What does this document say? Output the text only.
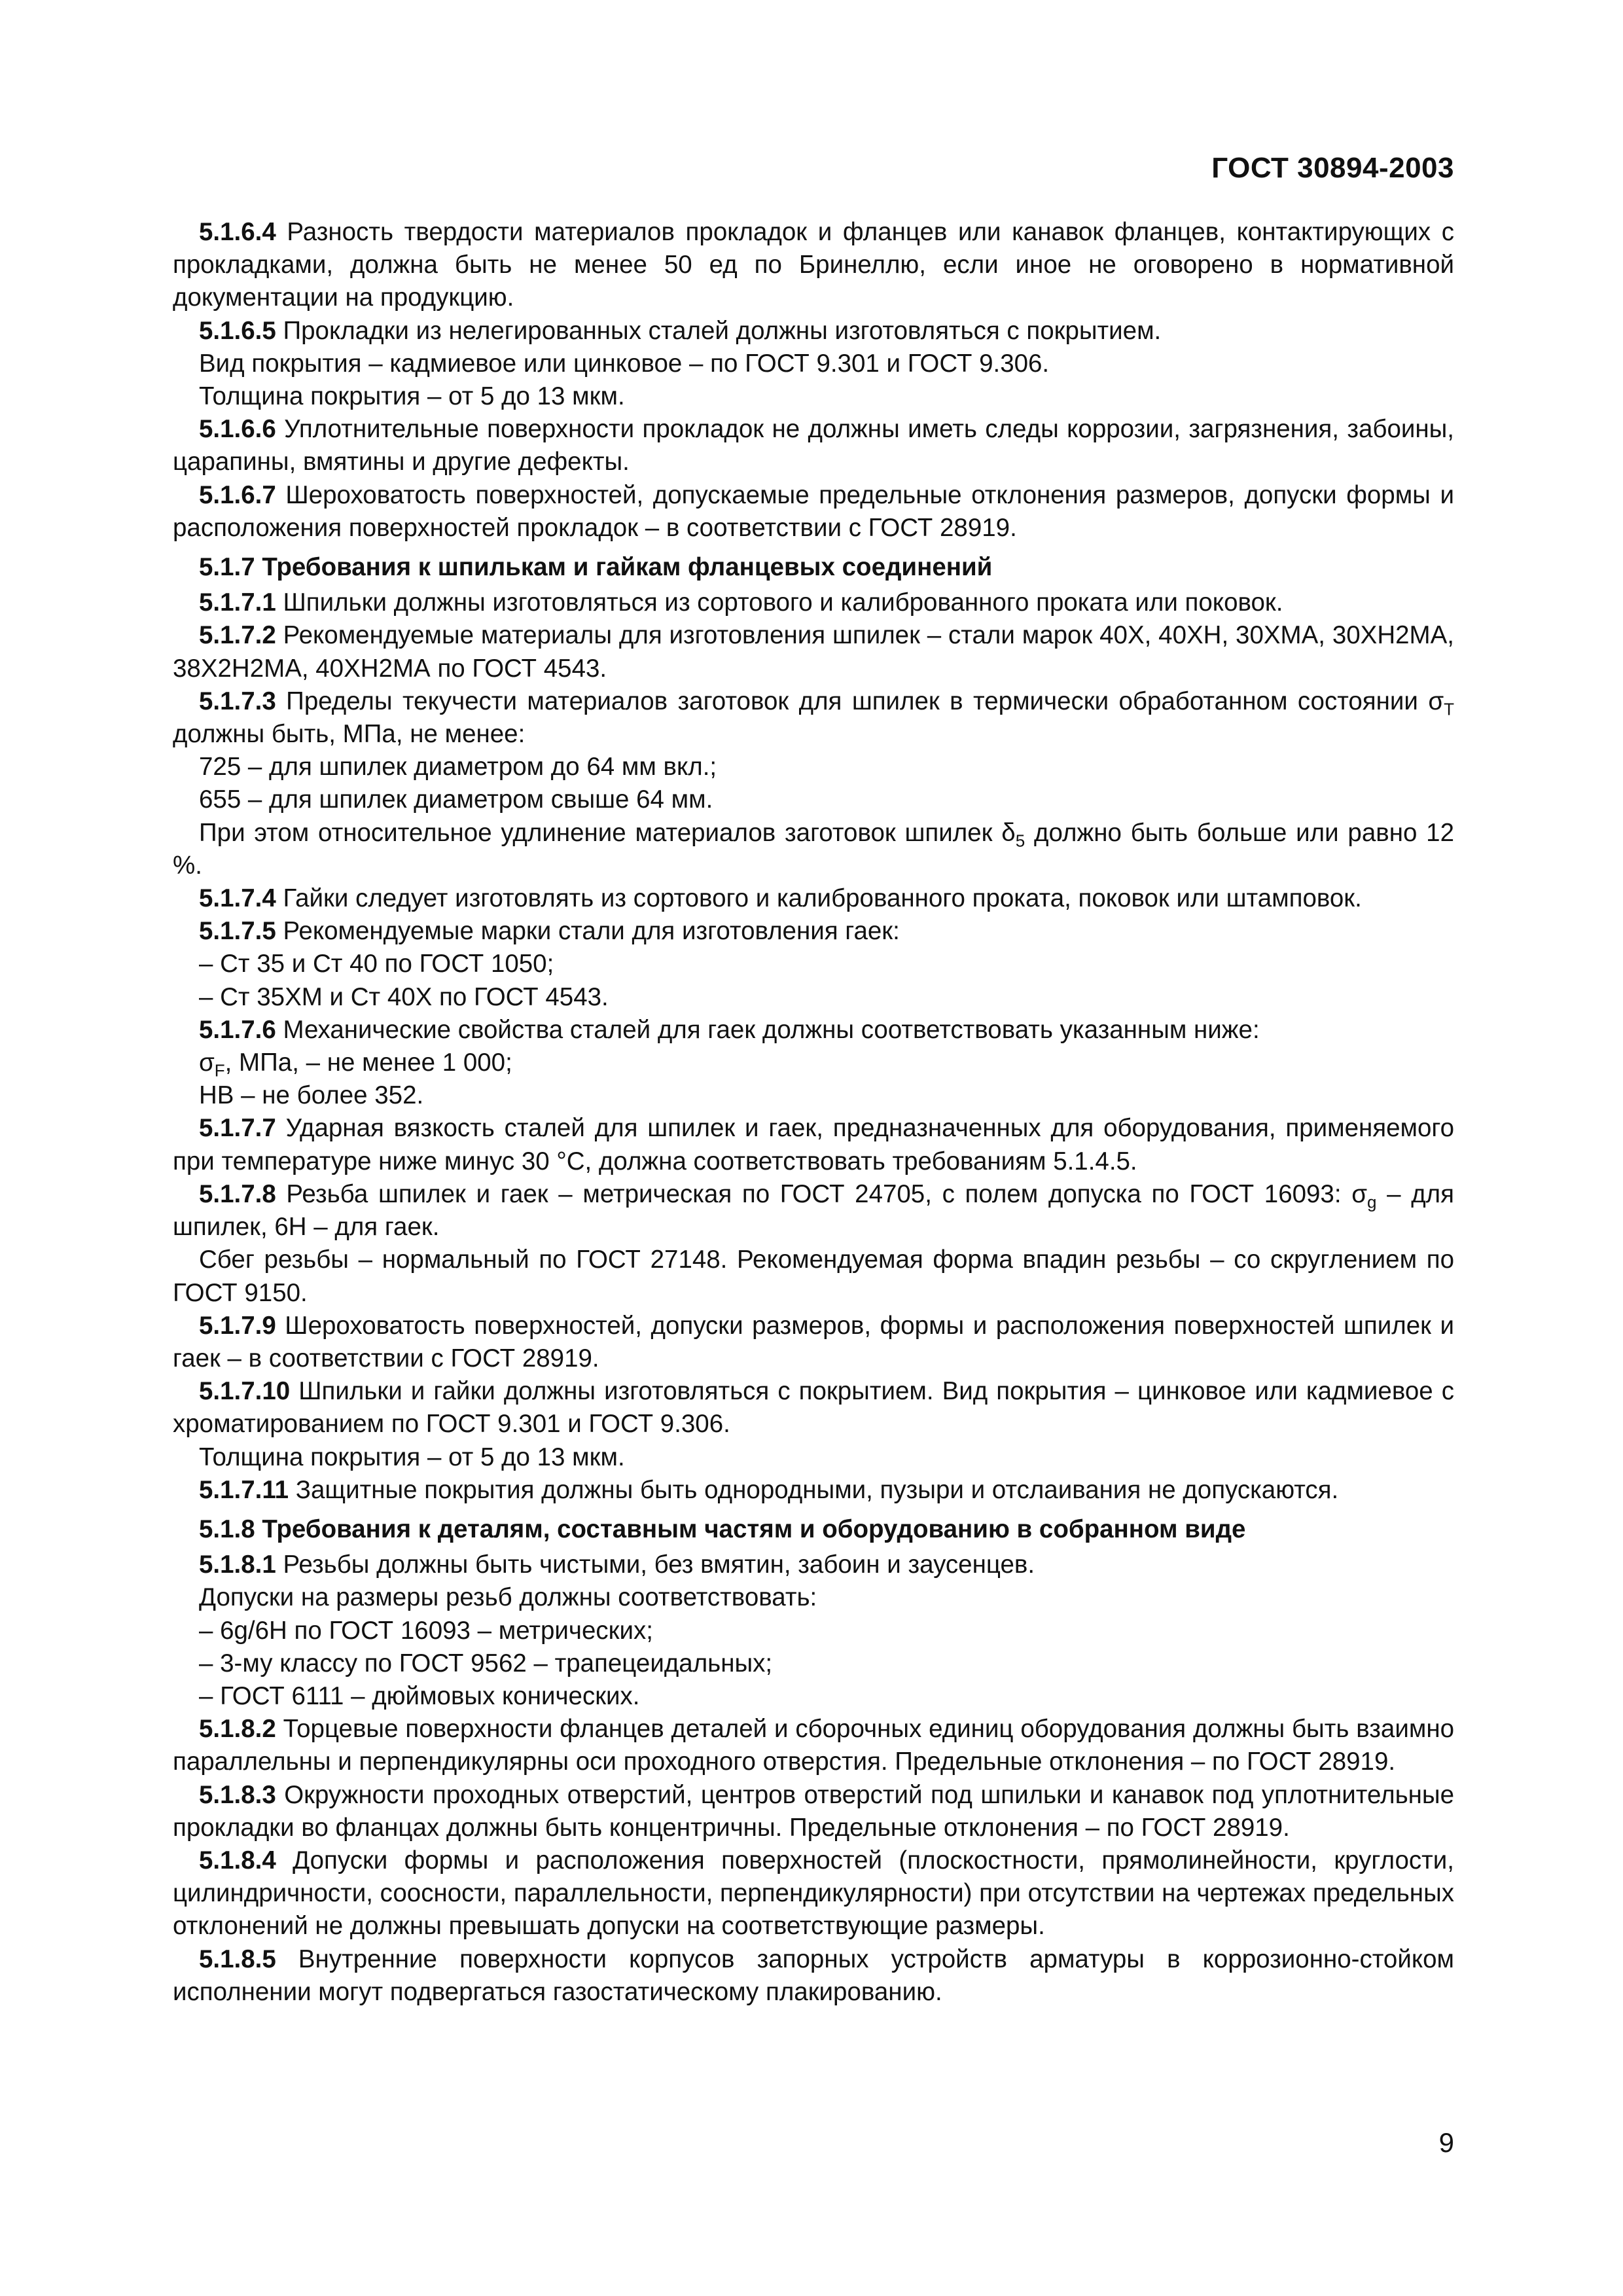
ГОСТ 30894-2003

5.1.6.4 Разность твердости материалов прокладок и фланцев или канавок фланцев, контактирующих с прокладками, должна быть не менее 50 ед по Бринеллю, если иное не оговорено в нормативной документации на продукцию.

5.1.6.5 Прокладки из нелегированных сталей должны изготовляться с покрытием.

Вид покрытия – кадмиевое или цинковое – по ГОСТ 9.301 и ГОСТ 9.306.

Толщина покрытия – от 5 до 13 мкм.

5.1.6.6 Уплотнительные поверхности прокладок не должны иметь следы коррозии, загрязнения, забоины, царапины, вмятины и другие дефекты.

5.1.6.7 Шероховатость поверхностей, допускаемые предельные отклонения размеров, допуски формы и расположения поверхностей прокладок – в соответствии с ГОСТ 28919.

5.1.7 Требования к шпилькам и гайкам фланцевых соединений

5.1.7.1 Шпильки должны изготовляться из сортового и калиброванного проката или поковок.

5.1.7.2 Рекомендуемые материалы для изготовления шпилек – стали марок 40Х, 40ХН, 30ХМА, 30ХН2МА, 38Х2Н2МА, 40ХН2МА по ГОСТ 4543.

5.1.7.3 Пределы текучести материалов заготовок для шпилек в термически обработанном состоянии $\sigma_T$ должны быть, МПа, не менее:

725 – для шпилек диаметром до 64 мм вкл.;

655 – для шпилек диаметром свыше 64 мм.

При этом относительное удлинение материалов заготовок шпилек $\delta_5$ должно быть больше или равно 12 %.

5.1.7.4 Гайки следует изготовлять из сортового и калиброванного проката, поковок или штамповок.

5.1.7.5 Рекомендуемые марки стали для изготовления гаек:

– Ст 35 и Ст 40 по ГОСТ 1050;

– Ст 35ХМ и Ст 40Х по ГОСТ 4543.

5.1.7.6 Механические свойства сталей для гаек должны соответствовать указанным ниже:

$\sigma_F$, МПа, – не менее 1 000;

НВ – не более 352.

5.1.7.7 Ударная вязкость сталей для шпилек и гаек, предназначенных для оборудования, применяемого при температуре ниже минус 30 °С, должна соответствовать требованиям 5.1.4.5.

5.1.7.8 Резьба шпилек и гаек – метрическая по ГОСТ 24705, с полем допуска по ГОСТ 16093: $\sigma_g$ – для шпилек, 6Н – для гаек.

Сбег резьбы – нормальный по ГОСТ 27148. Рекомендуемая форма впадин резьбы – со скруглением по ГОСТ 9150.

5.1.7.9 Шероховатость поверхностей, допуски размеров, формы и расположения поверхностей шпилек и гаек – в соответствии с ГОСТ 28919.

5.1.7.10 Шпильки и гайки должны изготовляться с покрытием. Вид покрытия – цинковое или кадмиевое с хроматированием по ГОСТ 9.301 и ГОСТ 9.306.

Толщина покрытия – от 5 до 13 мкм.

5.1.7.11 Защитные покрытия должны быть однородными, пузыри и отслаивания не допускаются.

5.1.8 Требования к деталям, составным частям и оборудованию в собранном виде

5.1.8.1 Резьбы должны быть чистыми, без вмятин, забоин и заусенцев.

Допуски на размеры резьб должны соответствовать:

– 6g/6H по ГОСТ 16093 – метрических;

– 3-му классу по ГОСТ 9562 – трапецеидальных;

– ГОСТ 6111 – дюймовых конических.

5.1.8.2 Торцевые поверхности фланцев деталей и сборочных единиц оборудования должны быть взаимно параллельны и перпендикулярны оси проходного отверстия. Предельные отклонения – по ГОСТ 28919.

5.1.8.3 Окружности проходных отверстий, центров отверстий под шпильки и канавок под уплотнительные прокладки во фланцах должны быть концентричны. Предельные отклонения – по ГОСТ 28919.

5.1.8.4 Допуски формы и расположения поверхностей (плоскостности, прямолинейности, круглости, цилиндричности, соосности, параллельности, перпендикулярности) при отсутствии на чертежах предельных отклонений не должны превышать допуски на соответствующие размеры.

5.1.8.5 Внутренние поверхности корпусов запорных устройств арматуры в коррозионно-стойком исполнении могут подвергаться газостатическому плакированию.

9
